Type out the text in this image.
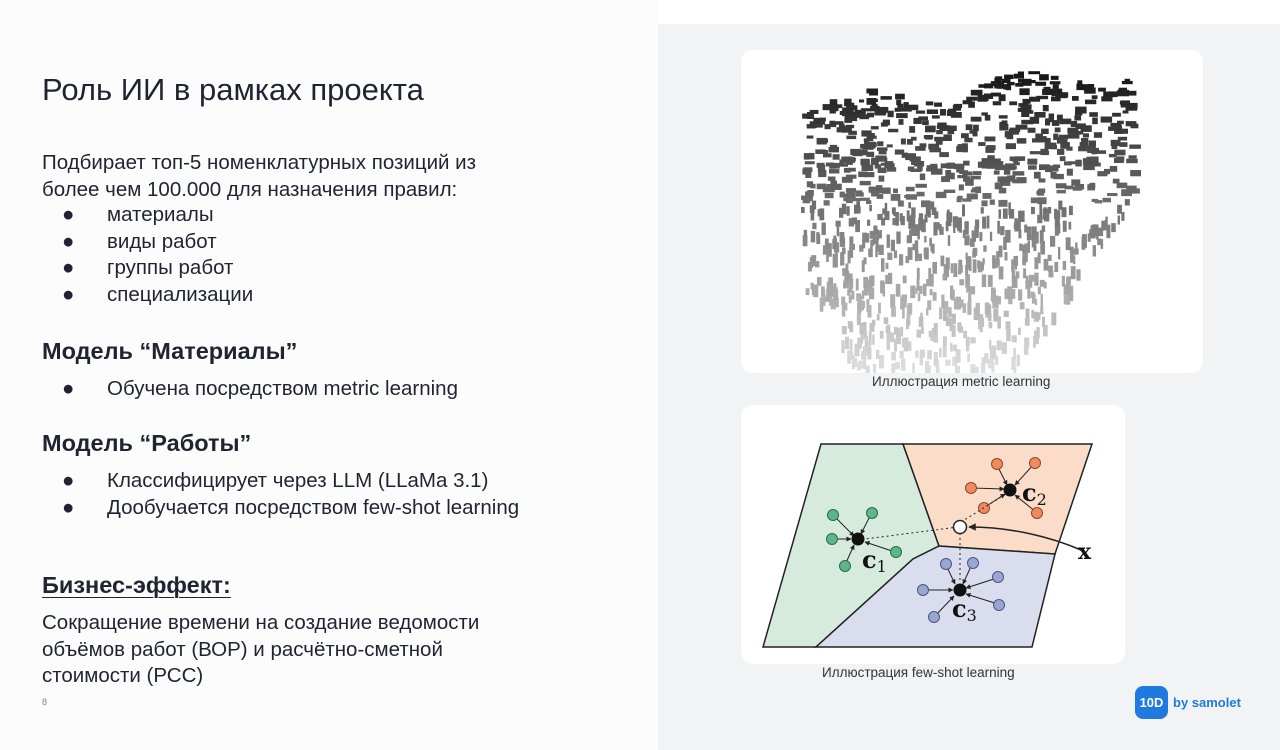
Роль ИИ в рамках проекта

Подбирает топ-5 номенклатурных позиций из
более чем 100.000 для назначения правил:

● материалы
● виды работ
● группы работ
● специализации
Модель “Материалы”
● Обучена посредством metric learning
Модель “Работы”
● Классифицирует через LLM (LLaMa 3.1)
● Дообучается посредством few-shot learning
Бизнес-эффект:

Сокращение времени на создание ведомости
объёмов работ (ВОР) и расчётно-сметной
стоимости (РСС)

8
Иллюстрация metric learning
c1
c2
c3
x
Иллюстрация few-shot learning
10D by samolet
